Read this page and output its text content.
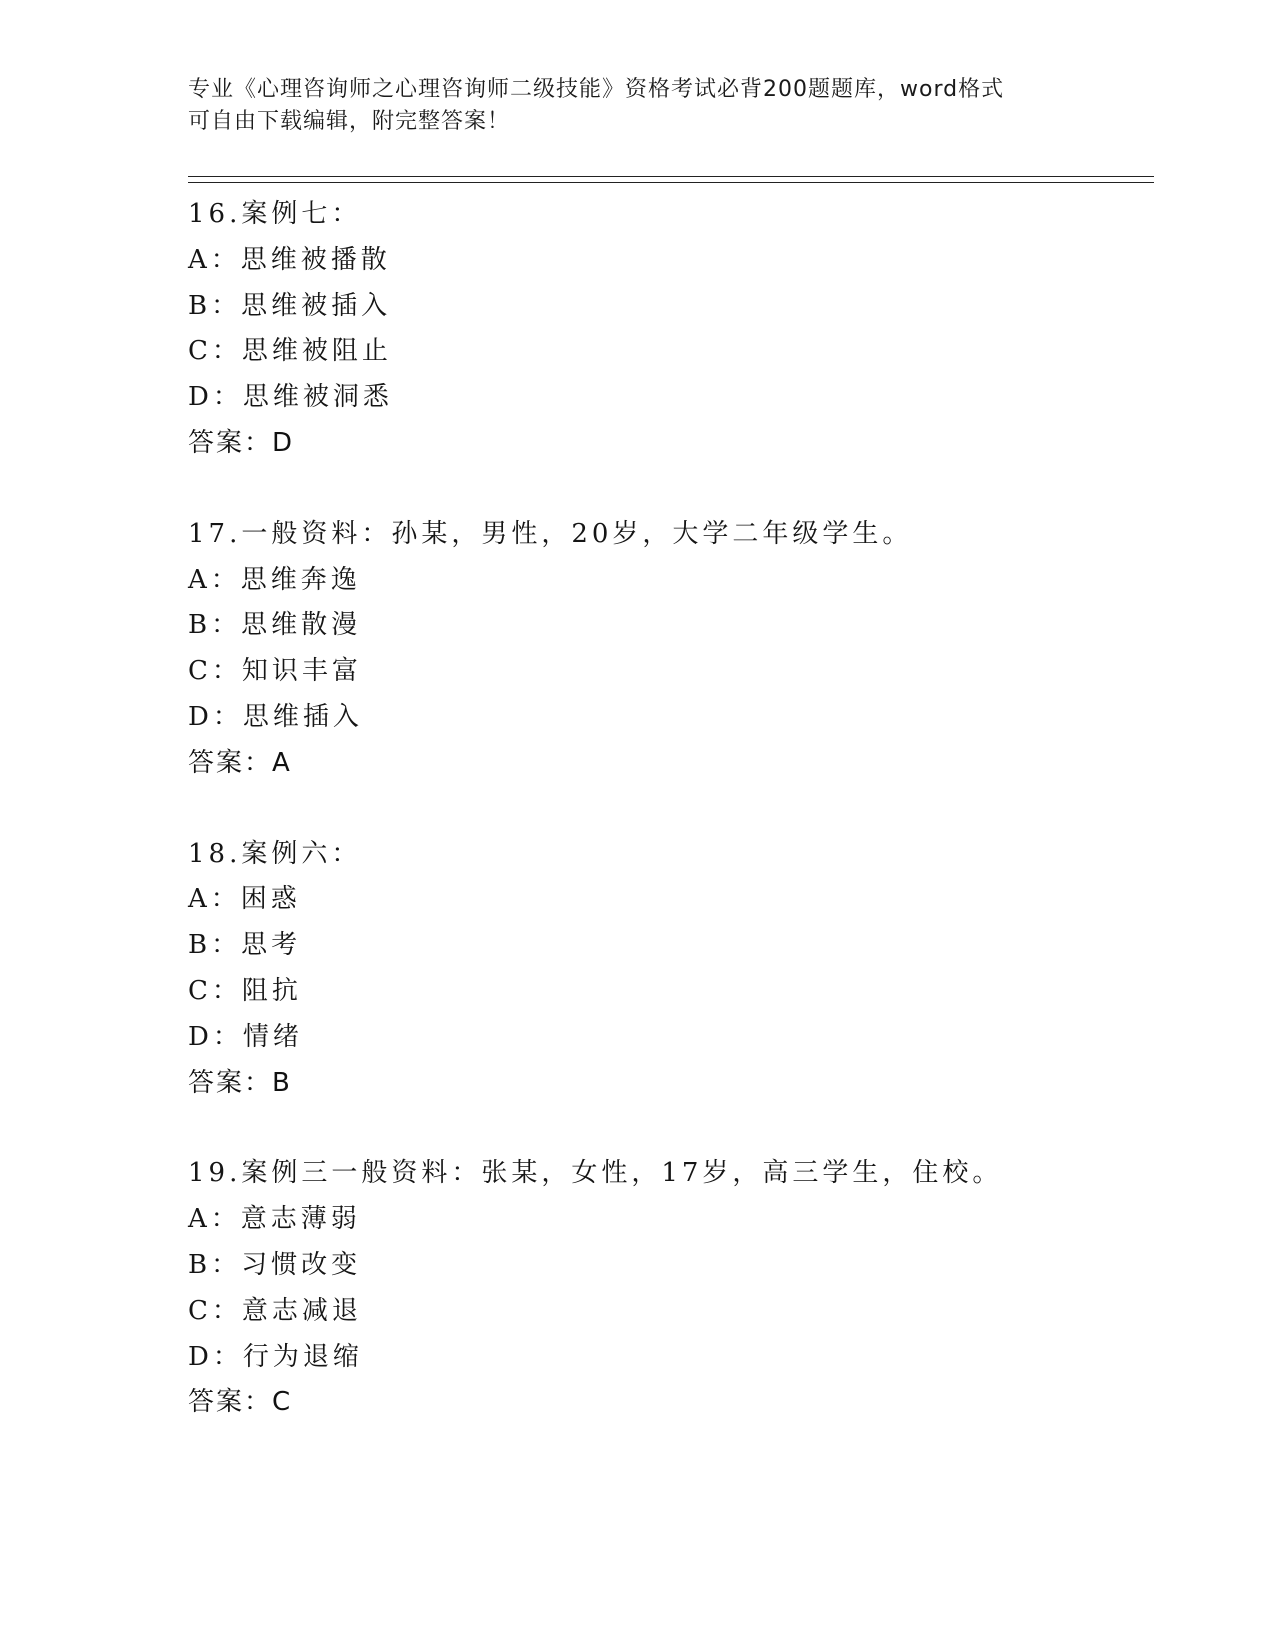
专业《心理咨询师之心理咨询师二级技能》资格考试必背200题题库，word格式
可自由下载编辑，附完整答案！
16.案例七：
A：思维被播散
B：思维被插入
C：思维被阻止
D：思维被洞悉
答案：D
17.一般资料：孙某，男性，20岁，大学二年级学生。
A：思维奔逸
B：思维散漫
C：知识丰富
D：思维插入
答案：A
18.案例六：
A：困惑
B：思考
C：阻抗
D：情绪
答案：B
19.案例三一般资料：张某，女性，17岁，高三学生，住校。
A：意志薄弱
B：习惯改变
C：意志减退
D：行为退缩
答案：C
